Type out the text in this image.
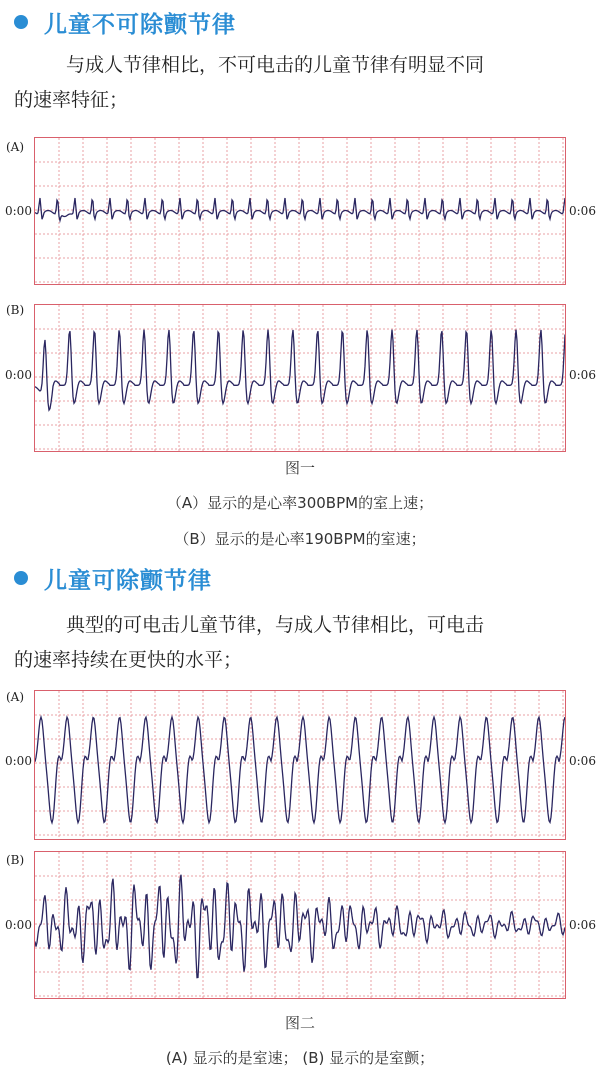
儿童不可除颤节律
与成人节律相比，不可电击的儿童节律有明显不同
的速率特征；
(A)
0:00	0:06
(B)
0:00	0:06
图一
（A）显示的是心率300BPM的室上速；
（B）显示的是心率190BPM的室速；
儿童可除颤节律
典型的可电击儿童节律，与成人节律相比，可电击
的速率持续在更快的水平；
(A)
0:00	0:06
(B)
0:00	0:06
图二
(A) 显示的是室速； (B) 显示的是室颤；
